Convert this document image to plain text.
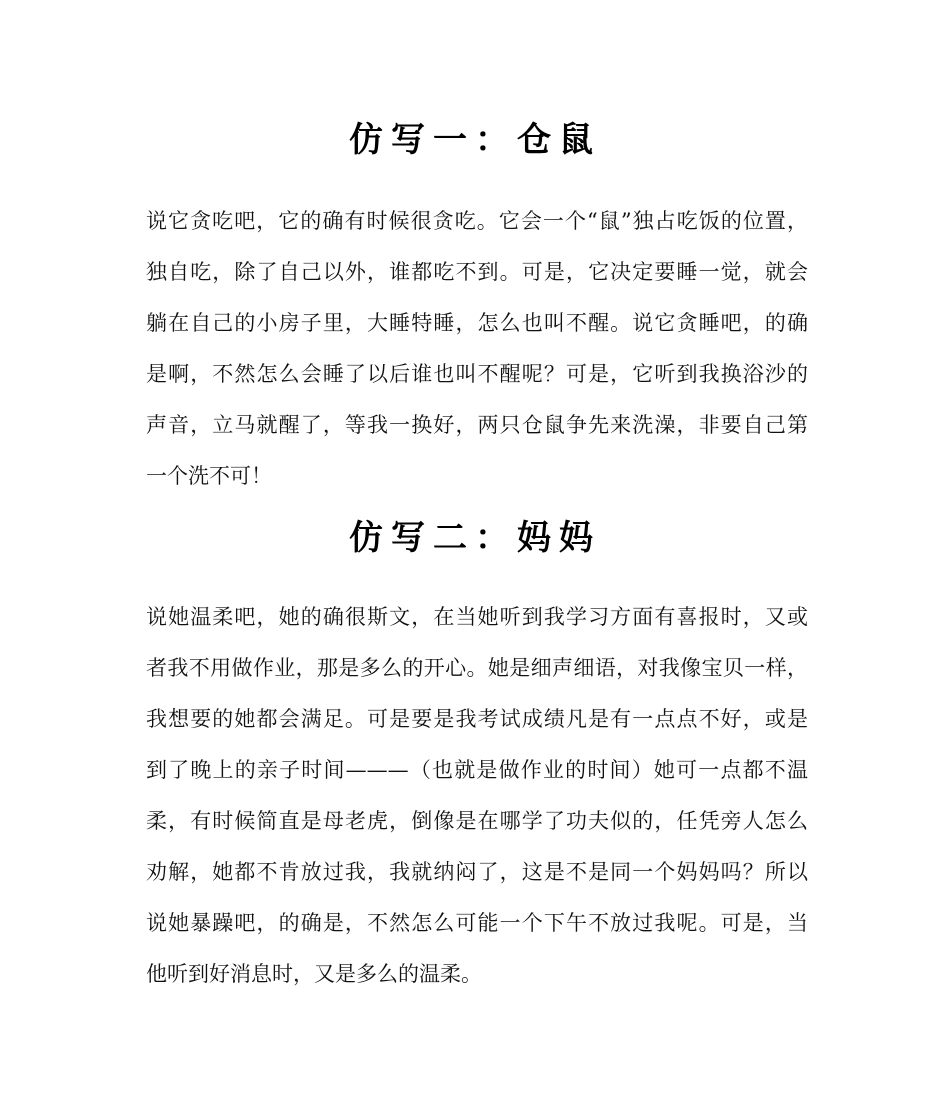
仿写一：仓鼠

说它贪吃吧，它的确有时候很贪吃。它会一个“鼠”独占吃饭的位置，
独自吃，除了自己以外，谁都吃不到。可是，它决定要睡一觉，就会
躺在自己的小房子里，大睡特睡，怎么也叫不醒。说它贪睡吧，的确
是啊，不然怎么会睡了以后谁也叫不醒呢？可是，它听到我换浴沙的
声音，立马就醒了，等我一换好，两只仓鼠争先来洗澡，非要自己第
一个洗不可！

仿写二：妈妈

说她温柔吧，她的确很斯文，在当她听到我学习方面有喜报时，又或
者我不用做作业，那是多么的开心。她是细声细语，对我像宝贝一样，
我想要的她都会满足。可是要是我考试成绩凡是有一点点不好，或是
到了晚上的亲子时间———（也就是做作业的时间）她可一点都不温
柔，有时候简直是母老虎，倒像是在哪学了功夫似的，任凭旁人怎么
劝解，她都不肯放过我，我就纳闷了，这是不是同一个妈妈吗？所以
说她暴躁吧，的确是，不然怎么可能一个下午不放过我呢。可是，当
他听到好消息时，又是多么的温柔。
